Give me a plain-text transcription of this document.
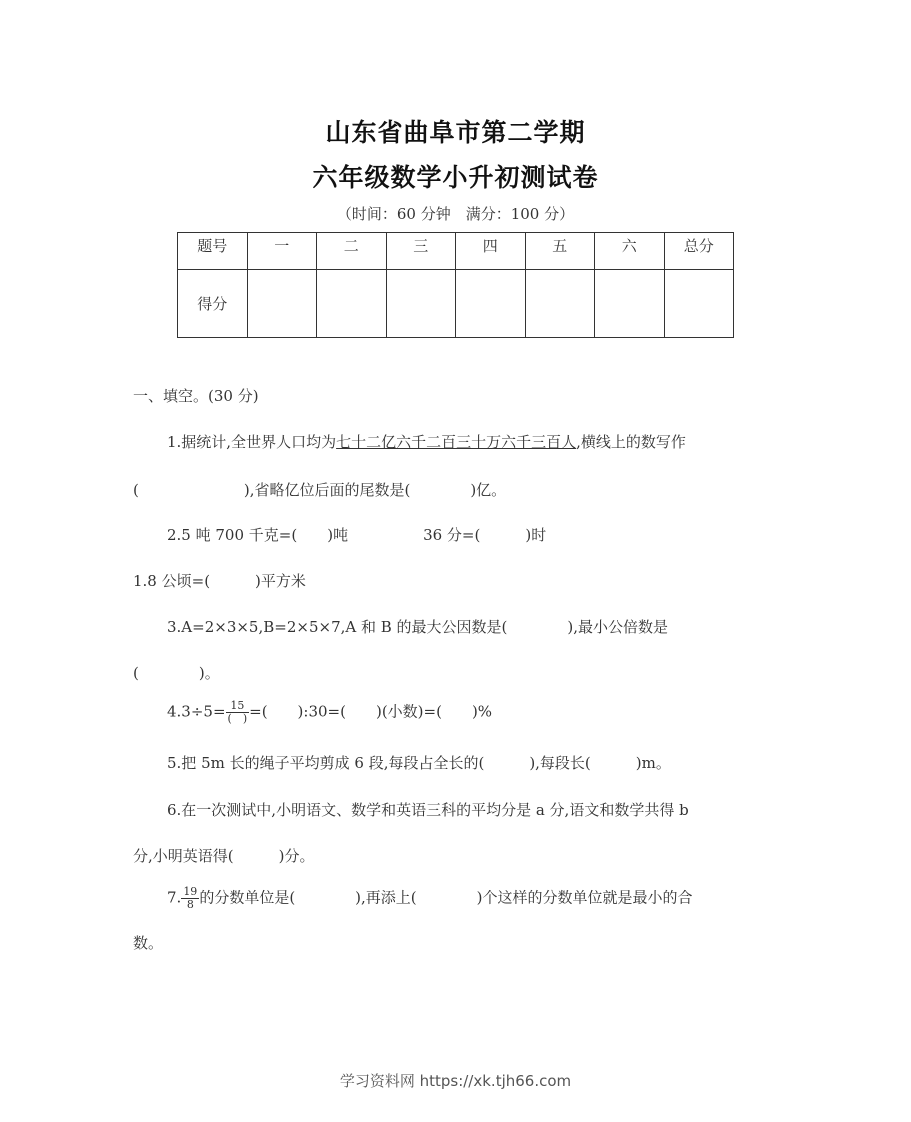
山东省曲阜市第二学期
六年级数学小升初测试卷
（时间：60 分钟　满分：100 分）
题号	一	二	三	四	五	六	总分
得分							
一、填空。(30 分)
1.据统计,全世界人口均为七十二亿六千二百三十万六千三百人,横线上的数写作
(　　　　　　　),省略亿位后面的尾数是(　　　　)亿。
2.5 吨 700 千克=(　　)吨　　　　　36 分=(　　　)时
1.8 公顷=(　　　)平方米
3.A=2×3×5,B=2×5×7,A 和 B 的最大公因数是(　　　　),最小公倍数是
(　　　　)。
$4.3\div 5= \frac{15}{( )}$ =(　　):30=(　　)(小数)=(　　)%
5.把 5m 长的绳子平均剪成 6 段,每段占全长的(　　　),每段长(　　　)m。
6.在一次测试中,小明语文、数学和英语三科的平均分是 a 分,语文和数学共得 b
分,小明英语得(　　　)分。
7. $\frac{19}{8}$ 的分数单位是(　　　　),再添上(　　　　)个这样的分数单位就是最小的合
数。
学习资料网 https://xk.tjh66.com
